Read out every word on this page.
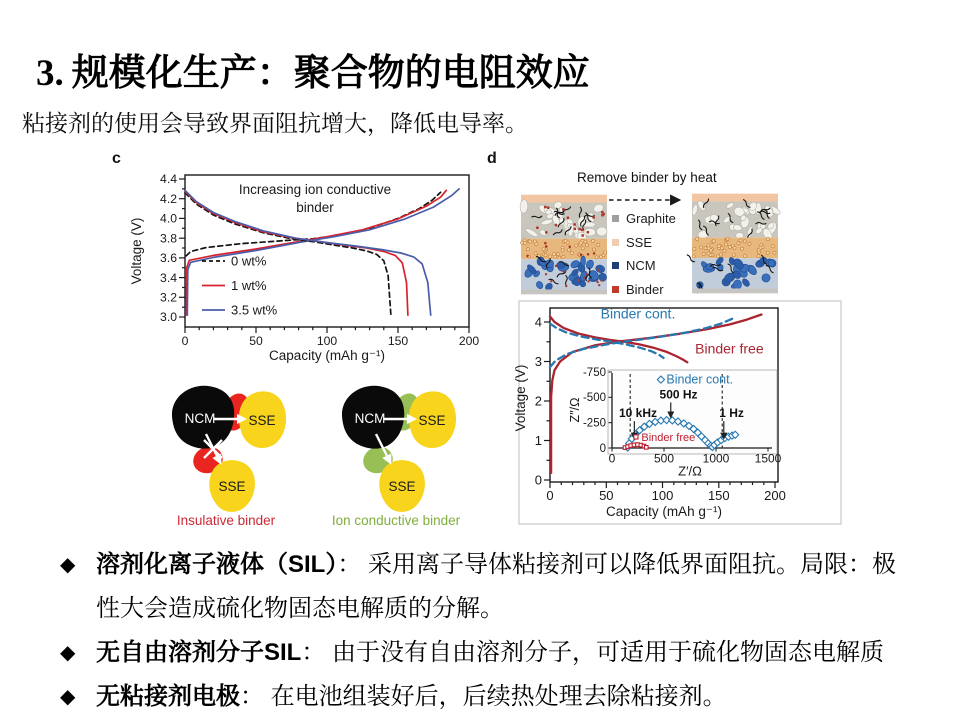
3. 规模化生产：聚合物的电阻效应
粘接剂的使用会导致界面阻抗增大，降低电导率。
c	d
3.0
3.2
3.4
3.6
3.8
4.0
4.2
4.4
0	50	100	150	200
Capacity (mAh g⁻¹)
Voltage (V)
Increasing ion conductive
binder
0 wt%
1 wt%
3.5 wt%
NCM SSE
SSE
Insulative binder
NCM SSE
SSE
Ion conductive binder
Remove binder by heat
Graphite
SSE
NCM
Binder
0
1
2
3
4
0	50	100	150	200
Capacity (mAh g⁻¹)
Voltage (V)
Binder cont.
Binder free
0
-250
-500
-750
0	500 1000 1500
Z′/Ω
Z″/Ω	10 kHz
500 Hz
1 Hz
Binder cont.
Binder free
◆ 溶剂化离子液体（SIL）： 采用离子导体粘接剂可以降低界面阻抗。局限：极性大会造成硫化物固态电解质的分解。
◆ 无自由溶剂分子SIL： 由于没有自由溶剂分子，可适用于硫化物固态电解质
◆ 无粘接剂电极： 在电池组装好后，后续热处理去除粘接剂。
